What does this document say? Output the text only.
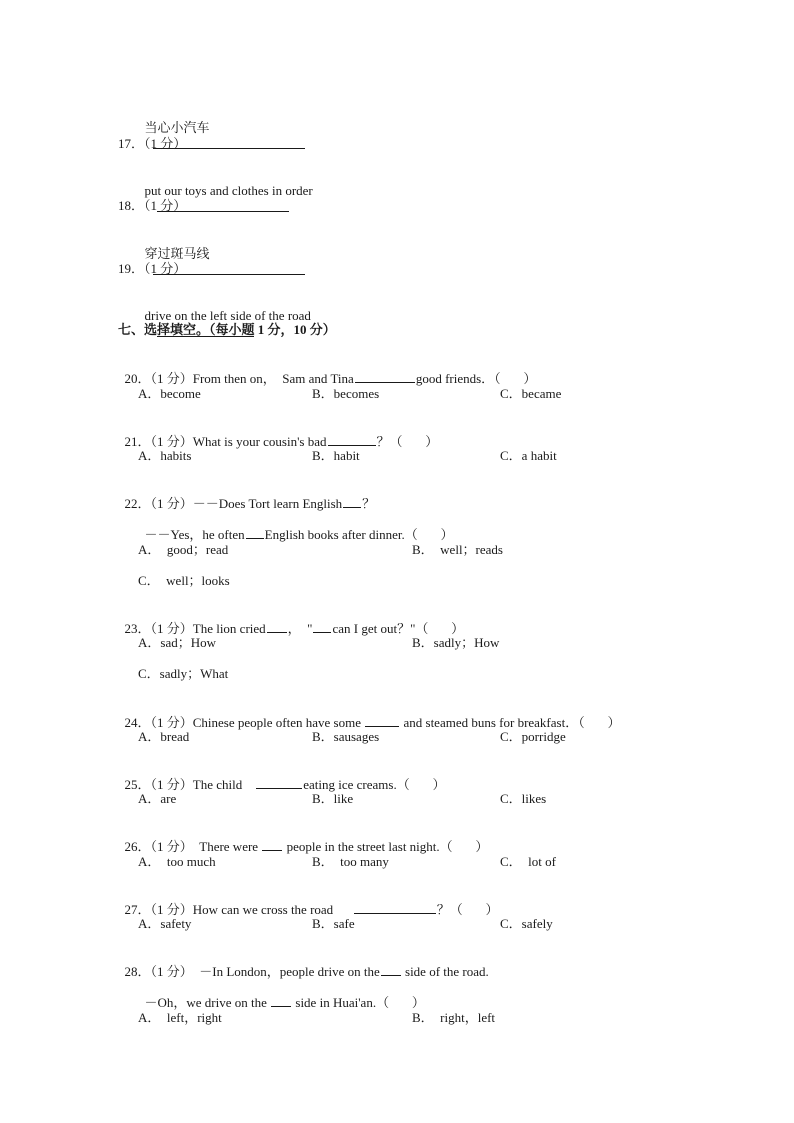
当心小汽车

17．（1 分）

put our toys and clothes in order

18．（1 分）

穿过斑马线

19．（1 分）

drive on the left side of the road

七、选择填空。（每小题 1 分，10 分）

20．（1 分）From then on，  Sam and Tina	good friends．（       ）

A．become	B．becomes	C．became

21．（1 分）What is your cousin's bad	？（       ）

A．habits	B．habit	C．a habit

22．（1 分）－－Does Tort learn English ？

－－Yes，he often English books after dinner.（       ）

A．  good；read	B．  well；reads
C．  well；looks

23．（1 分）The lion cried ，  " can I get out？"（       ）

A．sad；How	B．sadly；How
C．sadly；What

24．（1 分）Chinese people often have some	and steamed buns for breakfast．（       ）

A．bread	B．sausages	C．porridge

25．（1 分）The child	eating ice creams.（       ）

A．are	B．like	C．likes

26．（1 分）  There were people in the street last night.（       ）

A．  too much	B．  too many	C．  lot of

27．（1 分）How can we cross the road	？（       ）

A．safety	B．safe	C．safely

28．（1 分）  －In London，people drive on the side of the road.

－Oh，we drive on the side in Huai'an.（       ）

A．  left，right	B．  right，left
